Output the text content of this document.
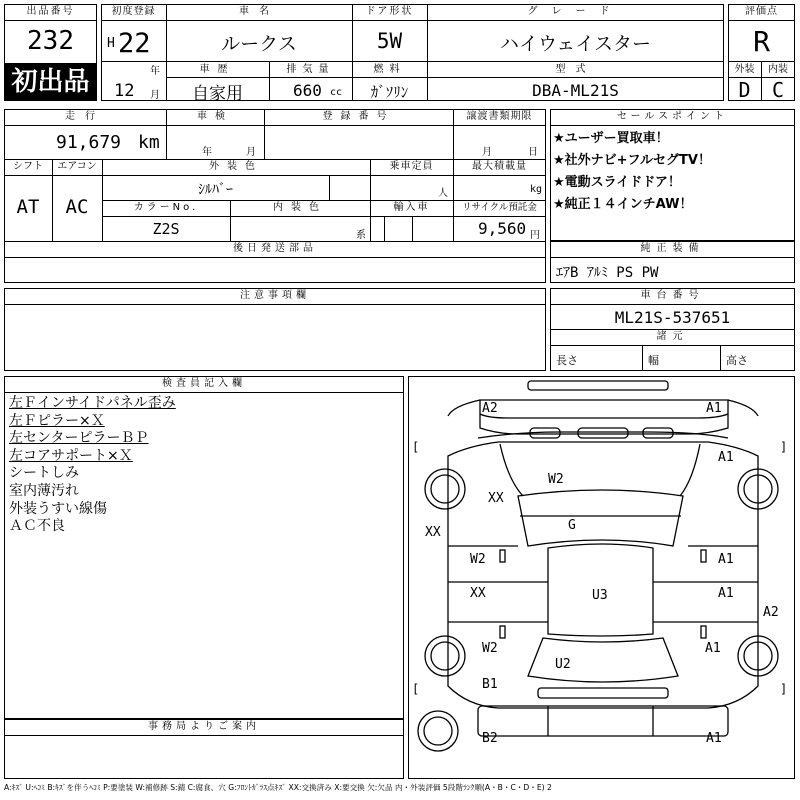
出品番号
232
初出品
初度登録
H 22
年
12 月
車名
ルークス
ドア形状
5W
グレード
ハイウェイスター
車歴
自家用
排気量
660 cc
燃料
ｶﾞｿﾘﾝ
型式
DBA-ML21S
評価点
R
外装	内装
D	C
走行
91,679 km
車検
年	月
登録番号	譲渡書類期限
月	日
シフト	エアコン
AT	AC
外装色
ｼﾙﾊﾞｰ
乗車定員
人
最大積載量
kg
カラーNo.
Z2S
内装色
系
輸入車	リサイクル預託金
9,560 円
後日発送部品
セールスポイント
★ユーザー買取車！
★社外ナビ+フルセグTV！
★電動スライドドア！
★純正１４インチAW！
純正装備
ｴｱB ｱﾙﾐ PS PW
注意事項欄	車台番号
ML21S-537651
諸元
長さ	幅	高さ
検査員記入欄
左Ｆインサイドパネル歪み
左Ｆピラー×Ｘ
左センターピラーＢＰ
左コアサポート×Ｘ
シートしみ
室内薄汚れ
外装うすい線傷
ＡＣ不良
事務局よりご案内
[
[
]
]
A2	A1
A1
W2
XX
XX	G
W2	A1
XX	A1
U3
A2
W2	A1
U2
B1
B2	A1
A:ｷｽﾞ U:ﾍｺﾐ B:ｷｽﾞを伴うﾍｺﾐ P:要塗装 W:補修跡 S:錆 C:腐食、穴 G:ﾌﾛﾝﾄｶﾞﾗｽ点ｷｽﾞ XX:交換済み X:要交換 欠:欠品 内・外装評価 5段階ﾗﾝｸ順(A・B・C・D・E) 2
